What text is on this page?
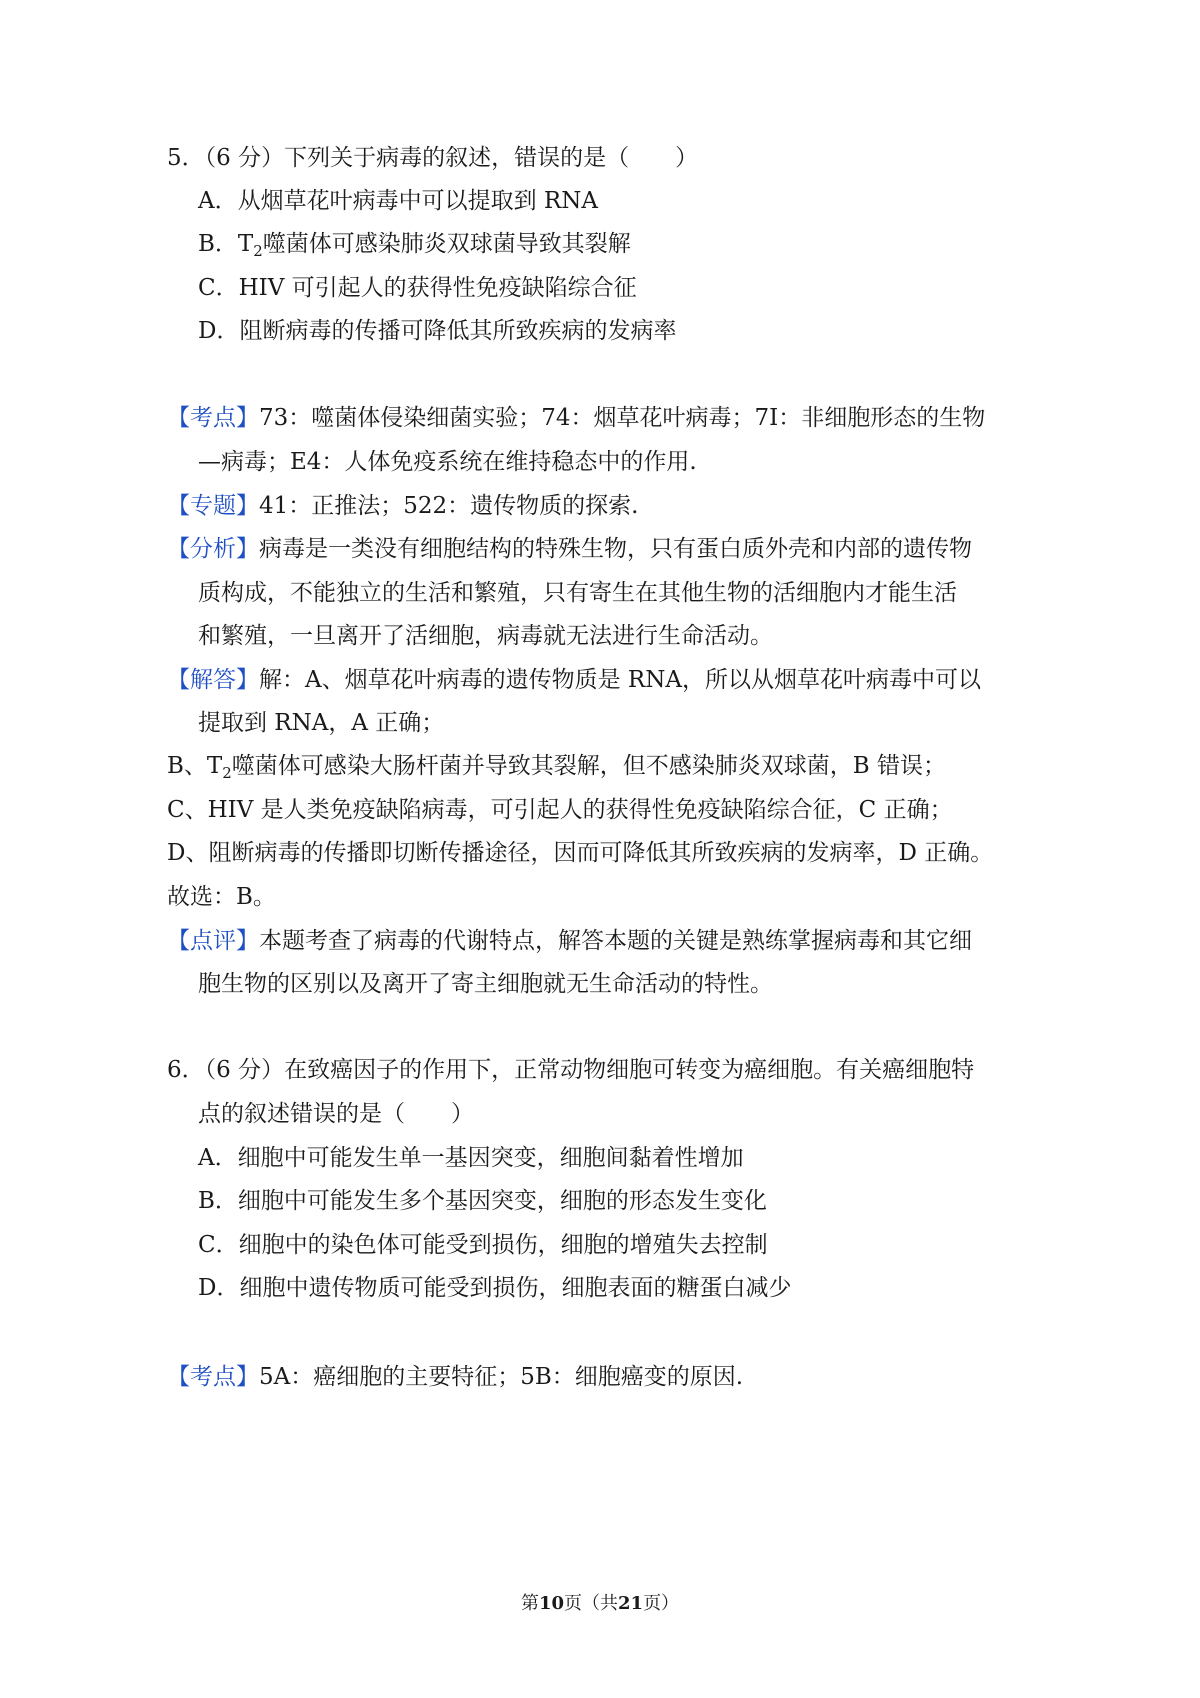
5．（6 分）下列关于病毒的叙述，错误的是（　　）
A．从烟草花叶病毒中可以提取到 RNA
B．$T_2$噬菌体可感染肺炎双球菌导致其裂解
C．HIV 可引起人的获得性免疫缺陷综合征
D．阻断病毒的传播可降低其所致疾病的发病率
【考点】73：噬菌体侵染细菌实验；74：烟草花叶病毒；7I：非细胞形态的生物
—病毒；E4：人体免疫系统在维持稳态中的作用.
【专题】41：正推法；522：遗传物质的探索.
【分析】病毒是一类没有细胞结构的特殊生物，只有蛋白质外壳和内部的遗传物
质构成，不能独立的生活和繁殖，只有寄生在其他生物的活细胞内才能生活
和繁殖，一旦离开了活细胞，病毒就无法进行生命活动。
【解答】解：A、烟草花叶病毒的遗传物质是 RNA，所以从烟草花叶病毒中可以
提取到 RNA，A 正确；
B、$T_2$噬菌体可感染大肠杆菌并导致其裂解，但不感染肺炎双球菌，B 错误；
C、HIV 是人类免疫缺陷病毒，可引起人的获得性免疫缺陷综合征，C 正确；
D、阻断病毒的传播即切断传播途径，因而可降低其所致疾病的发病率，D 正确。
故选：B。
【点评】本题考查了病毒的代谢特点，解答本题的关键是熟练掌握病毒和其它细
胞生物的区别以及离开了寄主细胞就无生命活动的特性。
6．（6 分）在致癌因子的作用下，正常动物细胞可转变为癌细胞。有关癌细胞特
点的叙述错误的是（　　）
A．细胞中可能发生单一基因突变，细胞间黏着性增加
B．细胞中可能发生多个基因突变，细胞的形态发生变化
C．细胞中的染色体可能受到损伤，细胞的增殖失去控制
D．细胞中遗传物质可能受到损伤，细胞表面的糖蛋白减少
【考点】5A：癌细胞的主要特征；5B：细胞癌变的原因.
第10页（共21页）
